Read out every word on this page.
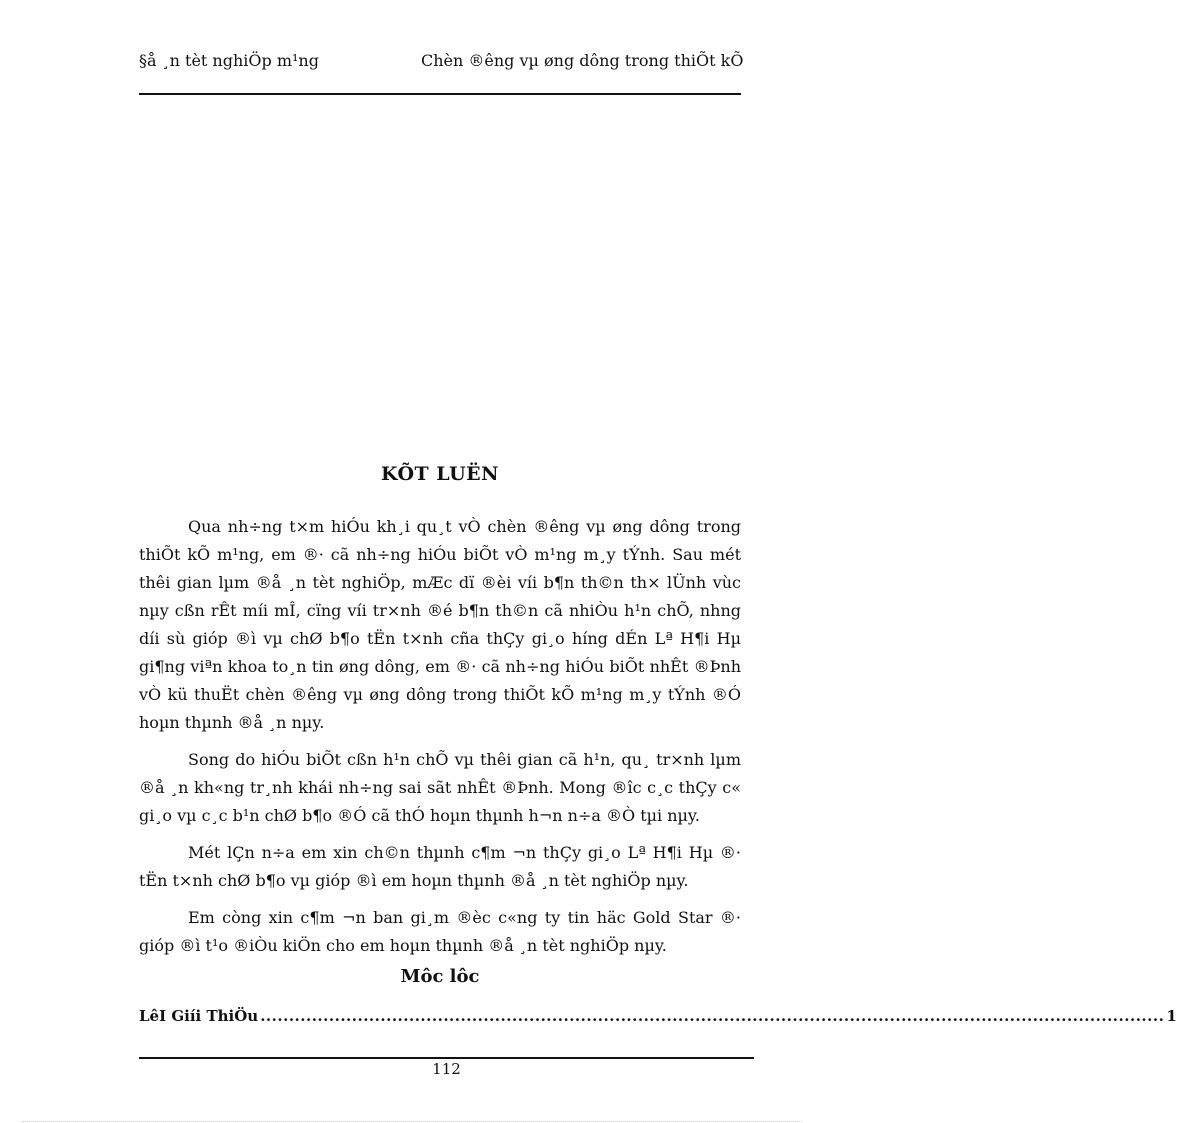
§å ¸n tèt nghiÖp m¹ng	Chèn ®êng vµ øng dông trong thiÕt kÕ
KÕT LUËN

Qua nh÷ng t×m hiÓu kh¸i qu¸t vÒ chèn ®êng vµ øng dông trong thiÕt kÕ m¹ng, em ®· cã nh÷ng hiÓu biÕt vÒ m¹ng m¸y tÝnh. Sau mét thêi gian lµm ®å ¸n tèt nghiÖp, mÆc dï ®èi víi b¶n th©n th× lÜnh vùc nµy cßn rÊt míi mÎ, cïng víi tr×nh ®é b¶n th©n cã nhiÒu h¹n chÕ, nhng díi sù gióp ®ì vµ chØ b¶o tËn t×nh cña thÇy gi¸o híng dÉn Lª H¶i Hµ gi¶ng viªn khoa to¸n tin øng dông, em ®· cã nh÷ng hiÓu biÕt nhÊt ®Þnh vÒ kü thuËt chèn ®êng vµ øng dông trong thiÕt kÕ m¹ng m¸y tÝnh ®Ó hoµn thµnh ®å ¸n nµy.

Song do hiÓu biÕt cßn h¹n chÕ vµ thêi gian cã h¹n, qu¸ tr×nh lµm ®å ¸n kh«ng tr¸nh khái nh÷ng sai sãt nhÊt ®Þnh. Mong ®îc c¸c thÇy c« gi¸o vµ c¸c b¹n chØ b¶o ®Ó cã thÓ hoµn thµnh h¬n n÷a ®Ò tµi nµy.

Mét lÇn n÷a em xin ch©n thµnh c¶m ¬n thÇy gi¸o Lª H¶i Hµ ®· tËn t×nh chØ b¶o vµ gióp ®ì em hoµn thµnh ®å ¸n tèt nghiÖp nµy.

Em còng xin c¶m ¬n ban gi¸m ®èc c«ng ty tin häc Gold Star ®· gióp ®ì t¹o ®iÒu kiÖn cho em hoµn thµnh ®å ¸n tèt nghiÖp nµy.

Môc lôc
LêI Giíi ThiÖu .............................................................................................................................................................. 1
112
